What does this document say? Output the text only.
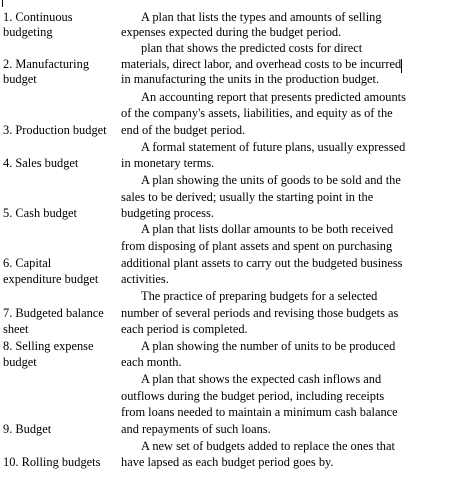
1. Continuous
budgeting
2. Manufacturing
budget
3. Production budget
4. Sales budget
5. Cash budget
6. Capital
expenditure budget
7. Budgeted balance
sheet
8. Selling expense
budget
9. Budget
10. Rolling budgets
A plan that lists the types and amounts of selling
expenses expected during the budget period.
plan that shows the predicted costs for direct
materials, direct labor, and overhead costs to be incurred
in manufacturing the units in the production budget.
An accounting report that presents predicted amounts
of the company's assets, liabilities, and equity as of the
end of the budget period.
A formal statement of future plans, usually expressed
in monetary terms.
A plan showing the units of goods to be sold and the
sales to be derived; usually the starting point in the
budgeting process.
A plan that lists dollar amounts to be both received
from disposing of plant assets and spent on purchasing
additional plant assets to carry out the budgeted business
activities.
The practice of preparing budgets for a selected
number of several periods and revising those budgets as
each period is completed.
A plan showing the number of units to be produced
each month.
A plan that shows the expected cash inflows and
outflows during the budget period, including receipts
from loans needed to maintain a minimum cash balance
and repayments of such loans.
A new set of budgets added to replace the ones that
have lapsed as each budget period goes by.
